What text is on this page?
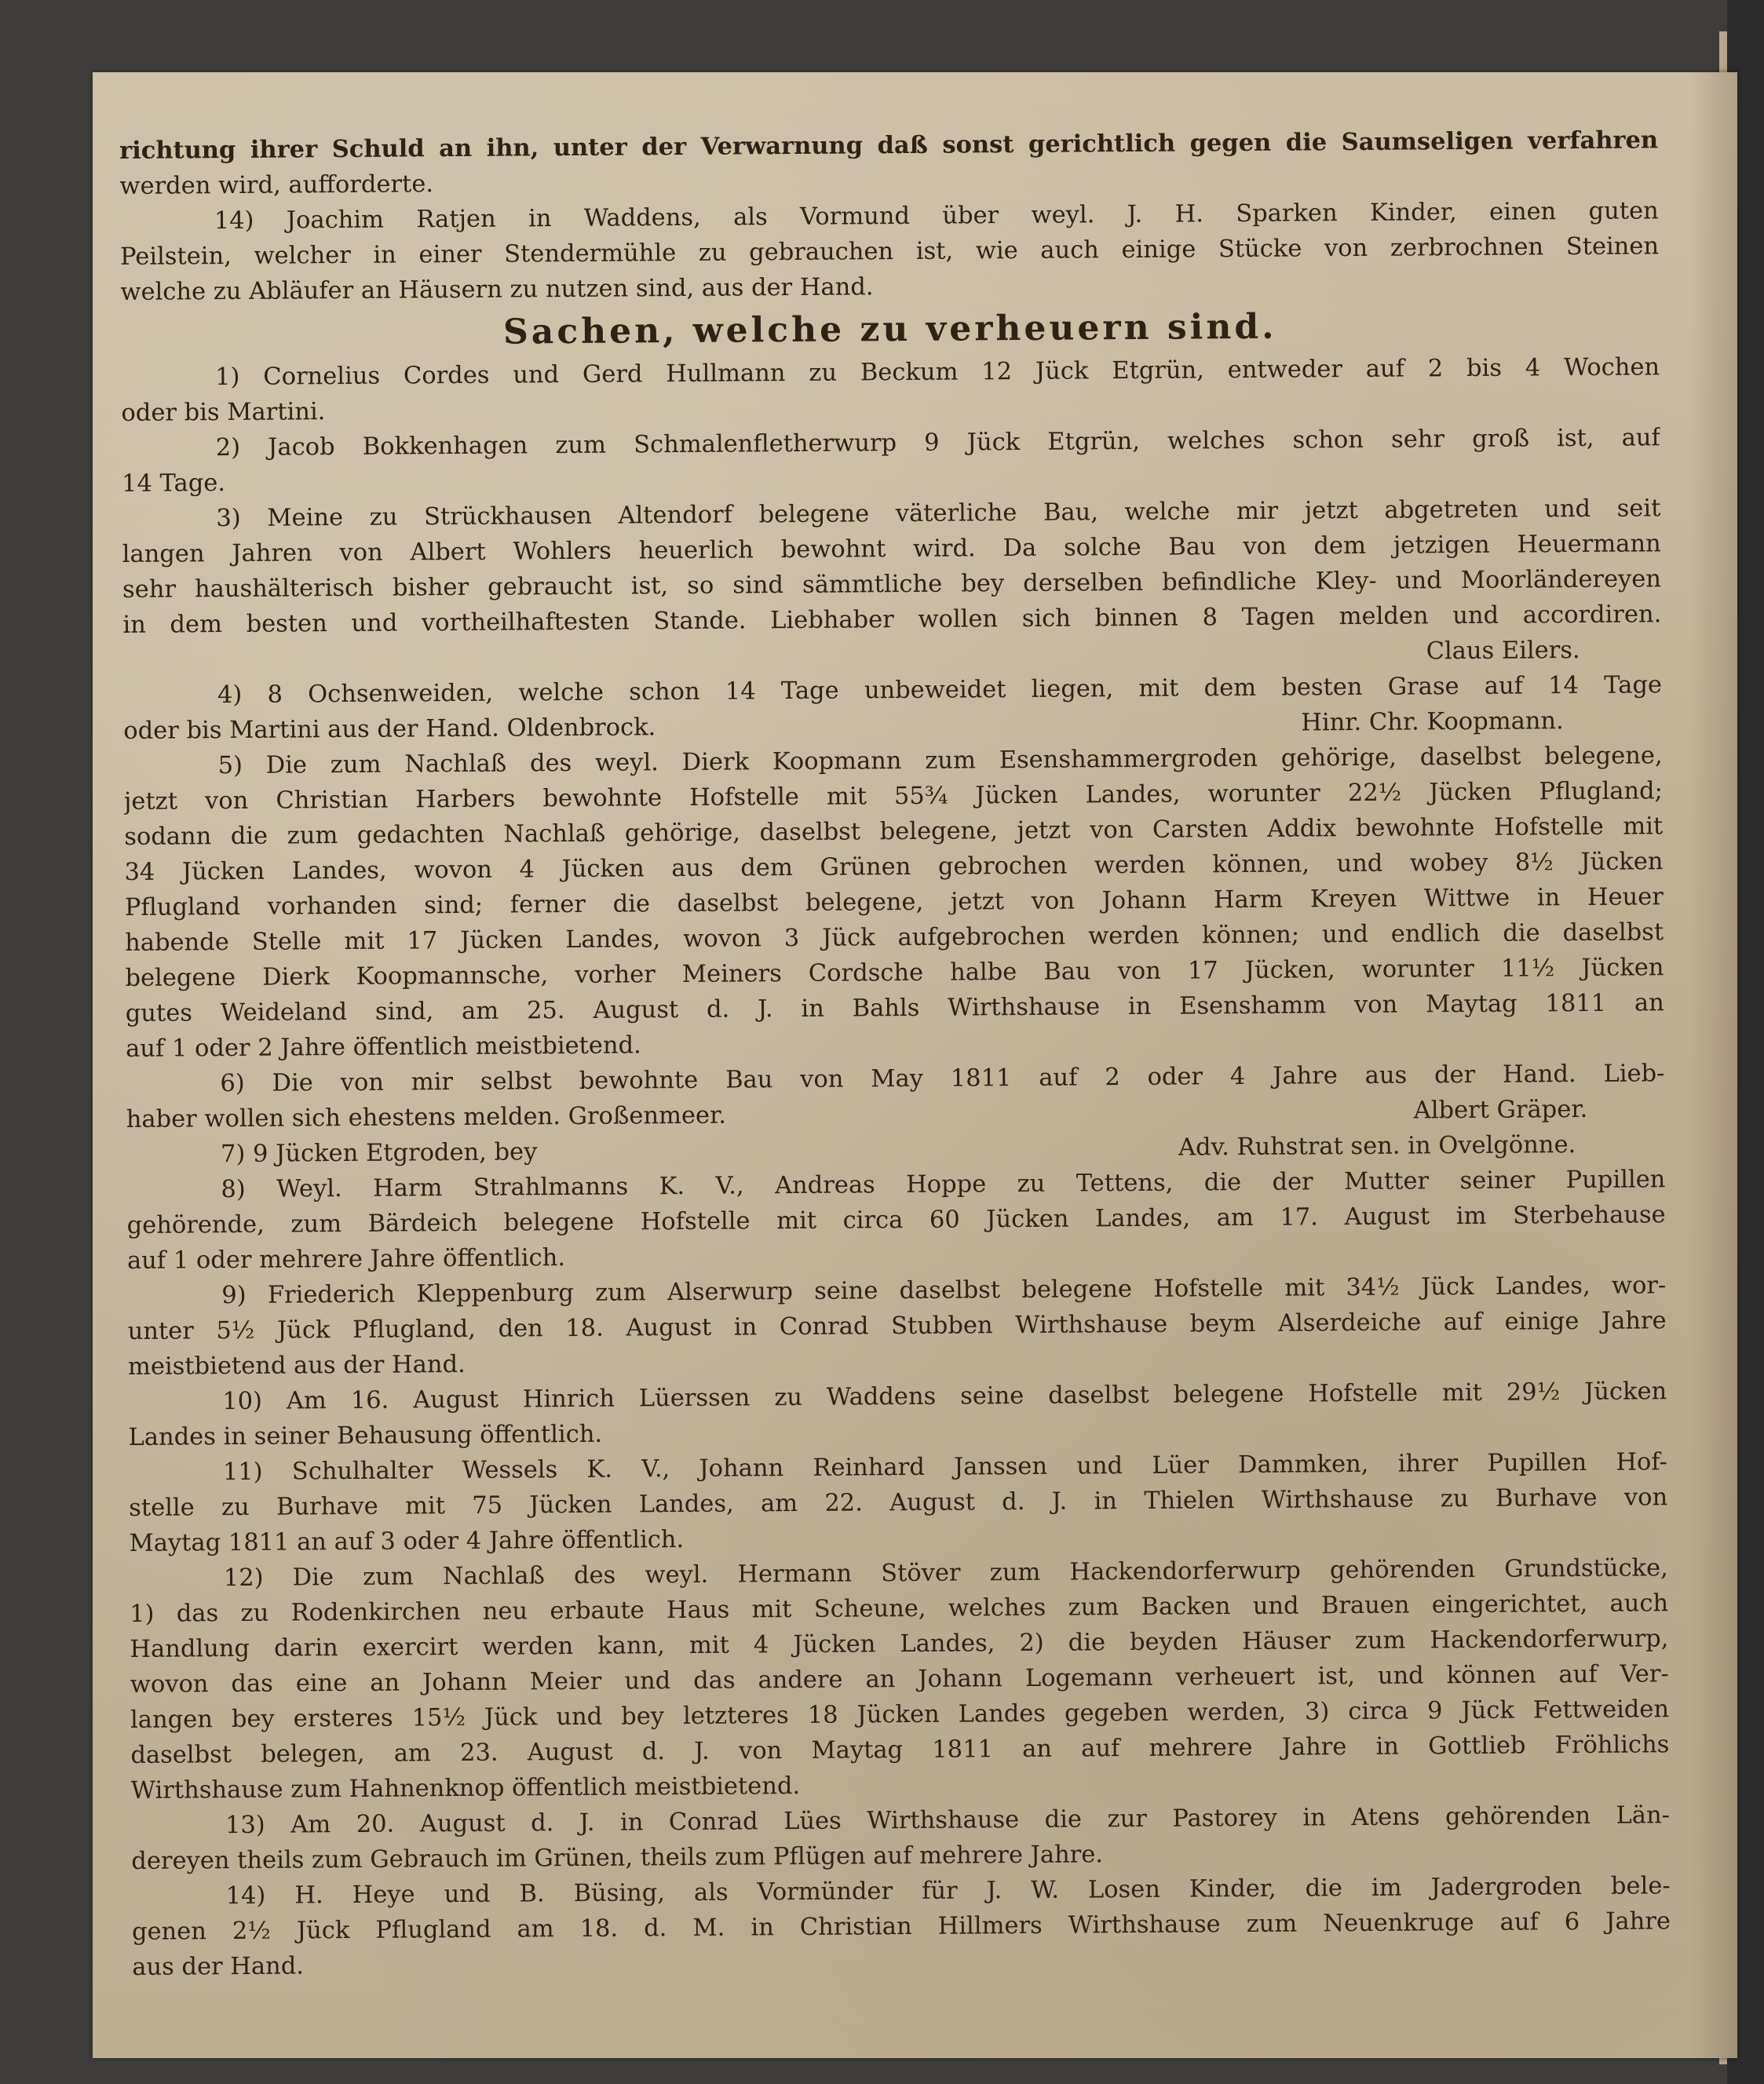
richtung ihrer Schuld an ihn, unter der Verwarnung daß sonst gerichtlich gegen die Saumseligen verfahren
werden wird, aufforderte.
14) Joachim Ratjen in Waddens, als Vormund über weyl. J. H. Sparken Kinder, einen guten
Peilstein, welcher in einer Stendermühle zu gebrauchen ist, wie auch einige Stücke von zerbrochnen Steinen
welche zu Abläufer an Häusern zu nutzen sind, aus der Hand.
Sachen, welche zu verheuern sind.
1) Cornelius Cordes und Gerd Hullmann zu Beckum 12 Jück Etgrün, entweder auf 2 bis 4 Wochen
oder bis Martini.
2) Jacob Bokkenhagen zum Schmalenfletherwurp 9 Jück Etgrün, welches schon sehr groß ist, auf
14 Tage.
3) Meine zu Strückhausen Altendorf belegene väterliche Bau, welche mir jetzt abgetreten und seit
langen Jahren von Albert Wohlers heuerlich bewohnt wird. Da solche Bau von dem jetzigen Heuermann
sehr haushälterisch bisher gebraucht ist, so sind sämmtliche bey derselben befindliche Kley- und Moorländereyen
in dem besten und vortheilhaftesten Stande. Liebhaber wollen sich binnen 8 Tagen melden und accordiren.
Claus Eilers.
4) 8 Ochsenweiden, welche schon 14 Tage unbeweidet liegen, mit dem besten Grase auf 14 Tage
oder bis Martini aus der Hand. Oldenbrock.	Hinr. Chr. Koopmann.
5) Die zum Nachlaß des weyl. Dierk Koopmann zum Esenshammergroden gehörige, daselbst belegene,
jetzt von Christian Harbers bewohnte Hofstelle mit 55¾ Jücken Landes, worunter 22½ Jücken Pflugland;
sodann die zum gedachten Nachlaß gehörige, daselbst belegene, jetzt von Carsten Addix bewohnte Hofstelle mit
34 Jücken Landes, wovon 4 Jücken aus dem Grünen gebrochen werden können, und wobey 8½ Jücken
Pflugland vorhanden sind; ferner die daselbst belegene, jetzt von Johann Harm Kreyen Wittwe in Heuer
habende Stelle mit 17 Jücken Landes, wovon 3 Jück aufgebrochen werden können; und endlich die daselbst
belegene Dierk Koopmannsche, vorher Meiners Cordsche halbe Bau von 17 Jücken, worunter 11½ Jücken
gutes Weideland sind, am 25. August d. J. in Bahls Wirthshause in Esenshamm von Maytag 1811 an
auf 1 oder 2 Jahre öffentlich meistbietend.
6) Die von mir selbst bewohnte Bau von May 1811 auf 2 oder 4 Jahre aus der Hand. Lieb-
haber wollen sich ehestens melden. Großenmeer.	Albert Gräper.
7) 9 Jücken Etgroden, bey	Adv. Ruhstrat sen. in Ovelgönne.
8) Weyl. Harm Strahlmanns K. V., Andreas Hoppe zu Tettens, die der Mutter seiner Pupillen
gehörende, zum Bärdeich belegene Hofstelle mit circa 60 Jücken Landes, am 17. August im Sterbehause
auf 1 oder mehrere Jahre öffentlich.
9) Friederich Kleppenburg zum Alserwurp seine daselbst belegene Hofstelle mit 34½ Jück Landes, wor-
unter 5½ Jück Pflugland, den 18. August in Conrad Stubben Wirthshause beym Alserdeiche auf einige Jahre
meistbietend aus der Hand.
10) Am 16. August Hinrich Lüerssen zu Waddens seine daselbst belegene Hofstelle mit 29½ Jücken
Landes in seiner Behausung öffentlich.
11) Schulhalter Wessels K. V., Johann Reinhard Janssen und Lüer Dammken, ihrer Pupillen Hof-
stelle zu Burhave mit 75 Jücken Landes, am 22. August d. J. in Thielen Wirthshause zu Burhave von
Maytag 1811 an auf 3 oder 4 Jahre öffentlich.
12) Die zum Nachlaß des weyl. Hermann Stöver zum Hackendorferwurp gehörenden Grundstücke,
1) das zu Rodenkirchen neu erbaute Haus mit Scheune, welches zum Backen und Brauen eingerichtet, auch
Handlung darin exercirt werden kann, mit 4 Jücken Landes, 2) die beyden Häuser zum Hackendorferwurp,
wovon das eine an Johann Meier und das andere an Johann Logemann verheuert ist, und können auf Ver-
langen bey ersteres 15½ Jück und bey letzteres 18 Jücken Landes gegeben werden, 3) circa 9 Jück Fettweiden
daselbst belegen, am 23. August d. J. von Maytag 1811 an auf mehrere Jahre in Gottlieb Fröhlichs
Wirthshause zum Hahnenknop öffentlich meistbietend.
13) Am 20. August d. J. in Conrad Lües Wirthshause die zur Pastorey in Atens gehörenden Län-
dereyen theils zum Gebrauch im Grünen, theils zum Pflügen auf mehrere Jahre.
14) H. Heye und B. Büsing, als Vormünder für J. W. Losen Kinder, die im Jadergroden bele-
genen 2½ Jück Pflugland am 18. d. M. in Christian Hillmers Wirthshause zum Neuenkruge auf 6 Jahre
aus der Hand.
